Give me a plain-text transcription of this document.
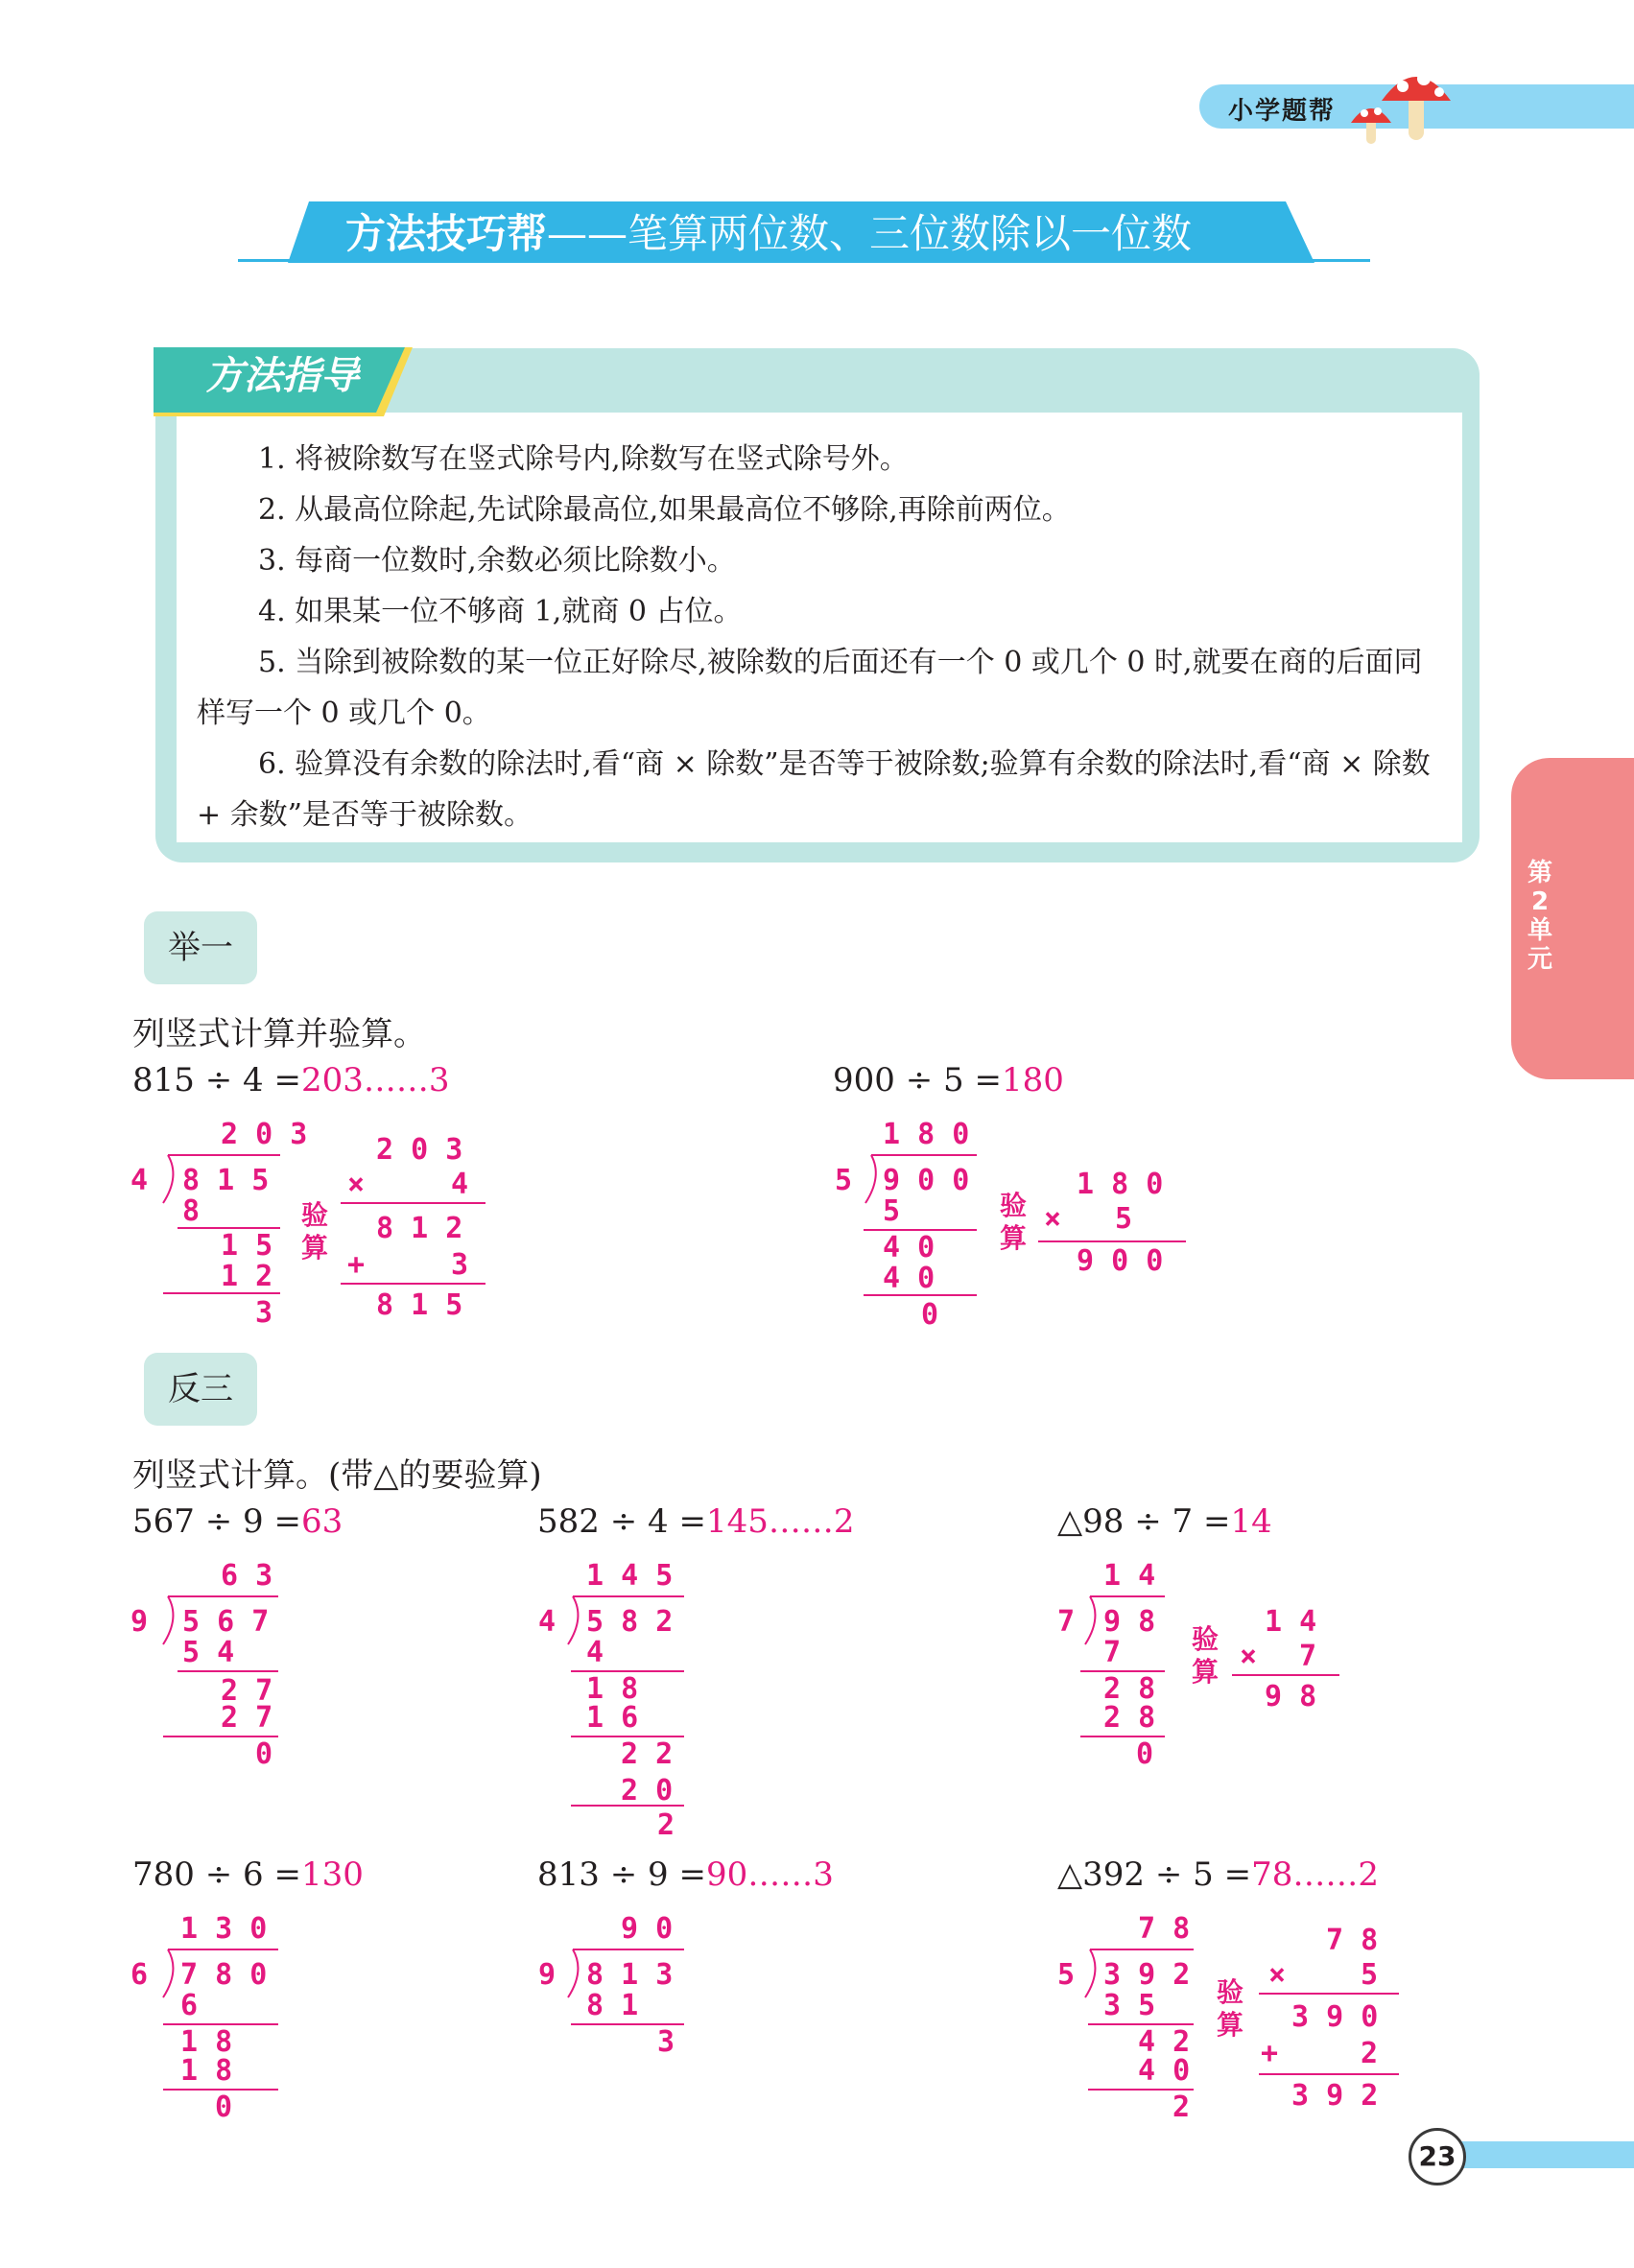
小学题帮
方法技巧帮——笔算两位数、三位数除以一位数
方法指导

1. 将被除数写在竖式除号内,除数写在竖式除号外。

2. 从最高位除起,先试除最高位,如果最高位不够除,再除前两位。

3. 每商一位数时,余数必须比除数小。

4. 如果某一位不够商 1,就商 0 占位。

5. 当除到被除数的某一位正好除尽,被除数的后面还有一个 0 或几个 0 时,就要在商的后面同样写一个 0 或几个 0。

6. 验算没有余数的除法时,看“商 × 除数”是否等于被除数;验算有余数的除法时,看“商 × 除数 + 余数”是否等于被除数。

第2单元
举一
列竖式计算并验算。
815 ÷ 4 =203……3	900 ÷ 5 =180
2 0 3
4 8 1 5
8
1 5
1 2
3
验
算
2 0 3
×	4
8 1 2
+	3
8 1 5
1 8 0
5 9 0 0
5
4 0
4 0
0
验
算
1 8 0
× 5
9 0 0
反三
列竖式计算。(带△的要验算)
567 ÷ 9 =63	582 ÷ 4 =145……2	△98 ÷ 7 =14
6 3
9 5 6 7
5 4
2 7
2 7
0
1 4 5
4 5 8 2
4
1 8
1 6
2 2
2 0
2
1 4
7 9 8
7
2 8
2 8
0
验
算
1 4
× 7
9 8
780 ÷ 6 =130	813 ÷ 9 =90……3	△392 ÷ 5 =78……2
1 3 0
6 7 8 0
6
1 8
1 8
0
9 0
9 8 1 3
8 1
3
7 8
5 3 9 2
3 5
4 2
4 0
2
验
算
7 8
×	5
3 9 0
+	2
3 9 2
23
